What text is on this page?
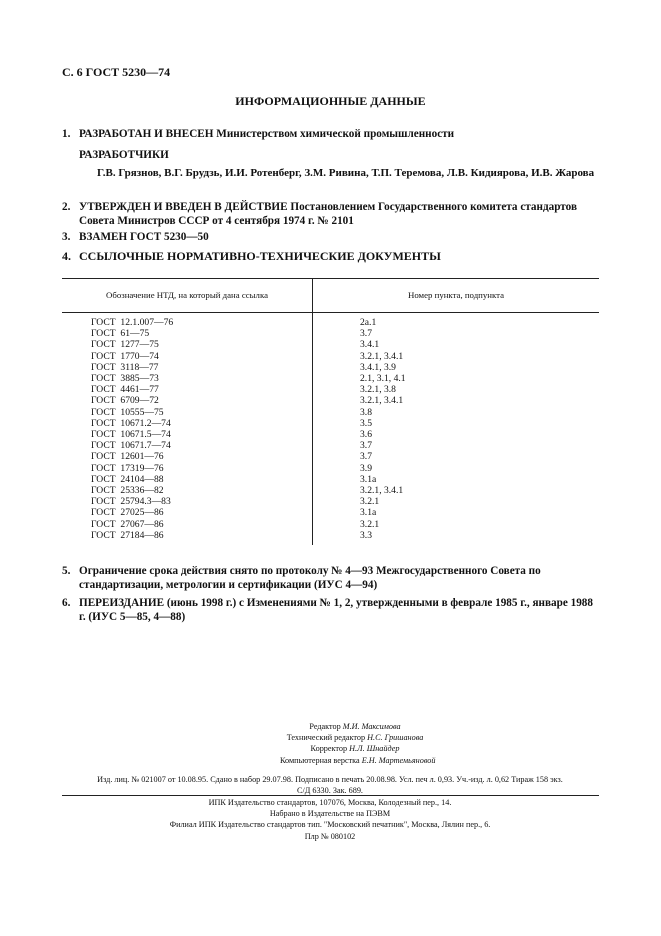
С. 6 ГОСТ 5230—74
ИНФОРМАЦИОННЫЕ ДАННЫЕ
1. РАЗРАБОТАН И ВНЕСЕН Министерством химической промышленности
РАЗРАБОТЧИКИ
Г.В. Грязнов, В.Г. Брудзь, И.И. Ротенберг, З.М. Ривина, Т.П. Теремова, Л.В. Кидиярова, И.В. Жарова
2. УТВЕРЖДЕН И ВВЕДЕН В ДЕЙСТВИЕ Постановлением Государственного комитета стандартов Совета Министров СССР от 4 сентября 1974 г. № 2101
3. ВЗАМЕН ГОСТ 5230—50
4. ССЫЛОЧНЫЕ НОРМАТИВНО-ТЕХНИЧЕСКИЕ ДОКУМЕНТЫ
Обозначение НТД, на который дана ссылка	Номер пункта, подпункта
ГОСТ  12.1.007—76	2а.1
ГОСТ  61—75	3.7
ГОСТ  1277—75	3.4.1
ГОСТ  1770—74	3.2.1, 3.4.1
ГОСТ  3118—77	3.4.1, 3.9
ГОСТ  3885—73	2.1, 3.1, 4.1
ГОСТ  4461—77	3.2.1, 3.8
ГОСТ  6709—72	3.2.1, 3.4.1
ГОСТ  10555—75	3.8
ГОСТ  10671.2—74	3.5
ГОСТ  10671.5—74	3.6
ГОСТ  10671.7—74	3.7
ГОСТ  12601—76	3.7
ГОСТ  17319—76	3.9
ГОСТ  24104—88	3.1а
ГОСТ  25336—82	3.2.1, 3.4.1
ГОСТ  25794.3—83	3.2.1
ГОСТ  27025—86	3.1а
ГОСТ  27067—86	3.2.1
ГОСТ  27184—86	3.3
5. Ограничение срока действия снято по протоколу № 4—93 Межгосударственного Совета по стандартизации, метрологии и сертификации (ИУС 4—94)
6. ПЕРЕИЗДАНИЕ (июнь 1998 г.) с Изменениями № 1, 2, утвержденными в феврале 1985 г., январе 1988 г. (ИУС 5—85, 4—88)
Редактор М.И. Максимова
Технический редактор Н.С. Гришанова
Корректор Н.Л. Шнайдер
Компьютерная верстка Е.Н. Мартемьяновой
Изд. лиц. № 021007 от 10.08.95. Сдано в набор 29.07.98. Подписано в печать 20.08.98. Усл. печ л. 0,93. Уч.-изд. л. 0,62 Тираж 158 экз.
С/Д 6330. Зак. 689.
ИПК Издательство стандартов, 107076, Москва, Колодезный пер., 14.
Набрано в Издательстве на ПЭВМ
Филиал ИПК Издательство стандартов тип. "Московский печатник", Москва, Лялин пер., 6.
Плр № 080102
